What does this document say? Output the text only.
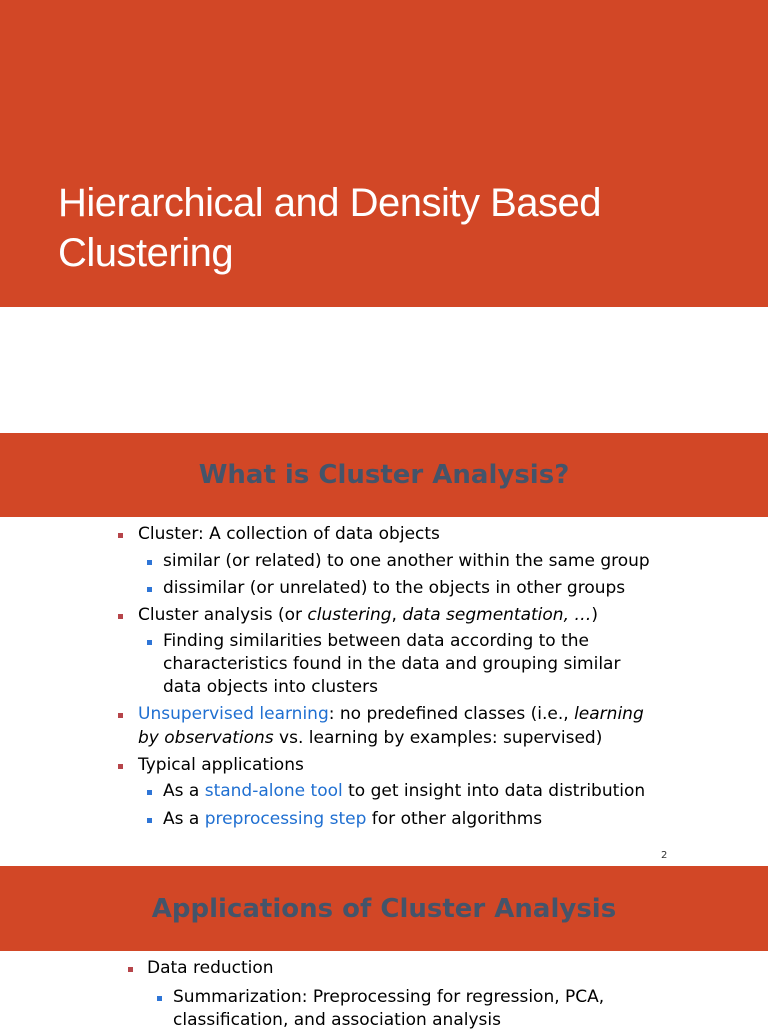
Hierarchical and Density Based
Clustering
What is Cluster Analysis?
Cluster: A collection of data objects
similar (or related) to one another within the same group
dissimilar (or unrelated) to the objects in other groups
Cluster analysis (or clustering, data segmentation, …)
Finding similarities between data according to the
characteristics found in the data and grouping similar
data objects into clusters
Unsupervised learning: no predefined classes (i.e., learning
by observations vs. learning by examples: supervised)
Typical applications
As a stand-alone tool to get insight into data distribution
As a preprocessing step for other algorithms
2
Applications of Cluster Analysis
Data reduction
Summarization: Preprocessing for regression, PCA,
classification, and association analysis
